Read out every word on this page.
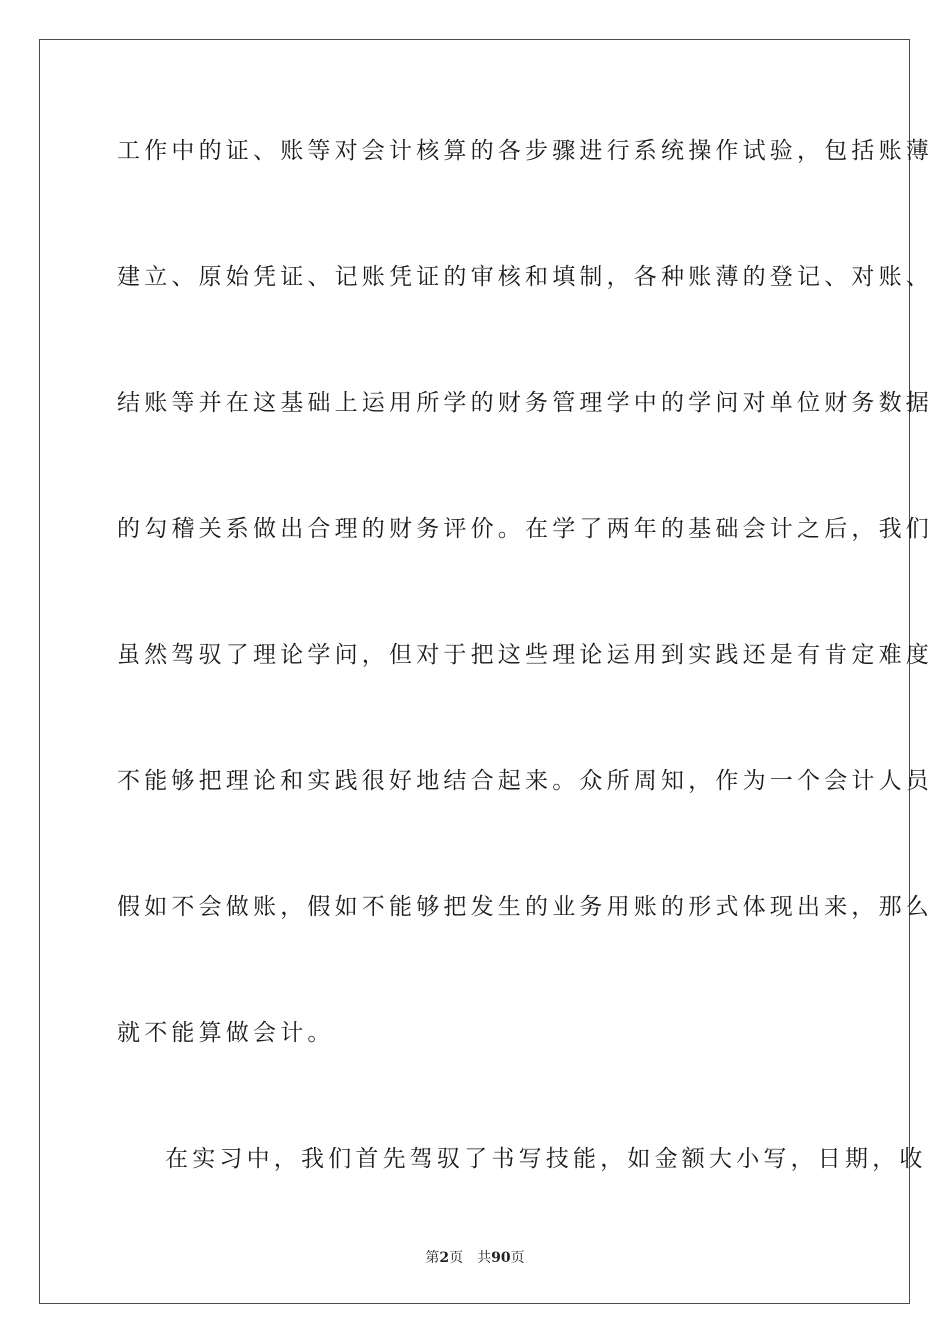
工作中的证、账等对会计核算的各步骤进行系统操作试验，包括账薄
建立、原始凭证、记账凭证的审核和填制，各种账薄的登记、对账、
结账等并在这基础上运用所学的财务管理学中的学问对单位财务数据
的勾稽关系做出合理的财务评价。在学了两年的基础会计之后，我们
虽然驾驭了理论学问，但对于把这些理论运用到实践还是有肯定难度
不能够把理论和实践很好地结合起来。众所周知，作为一个会计人员
假如不会做账，假如不能够把发生的业务用账的形式体现出来，那么
就不能算做会计。
在实习中，我们首先驾驭了书写技能，如金额大小写，日期，收
第2页 共90页
